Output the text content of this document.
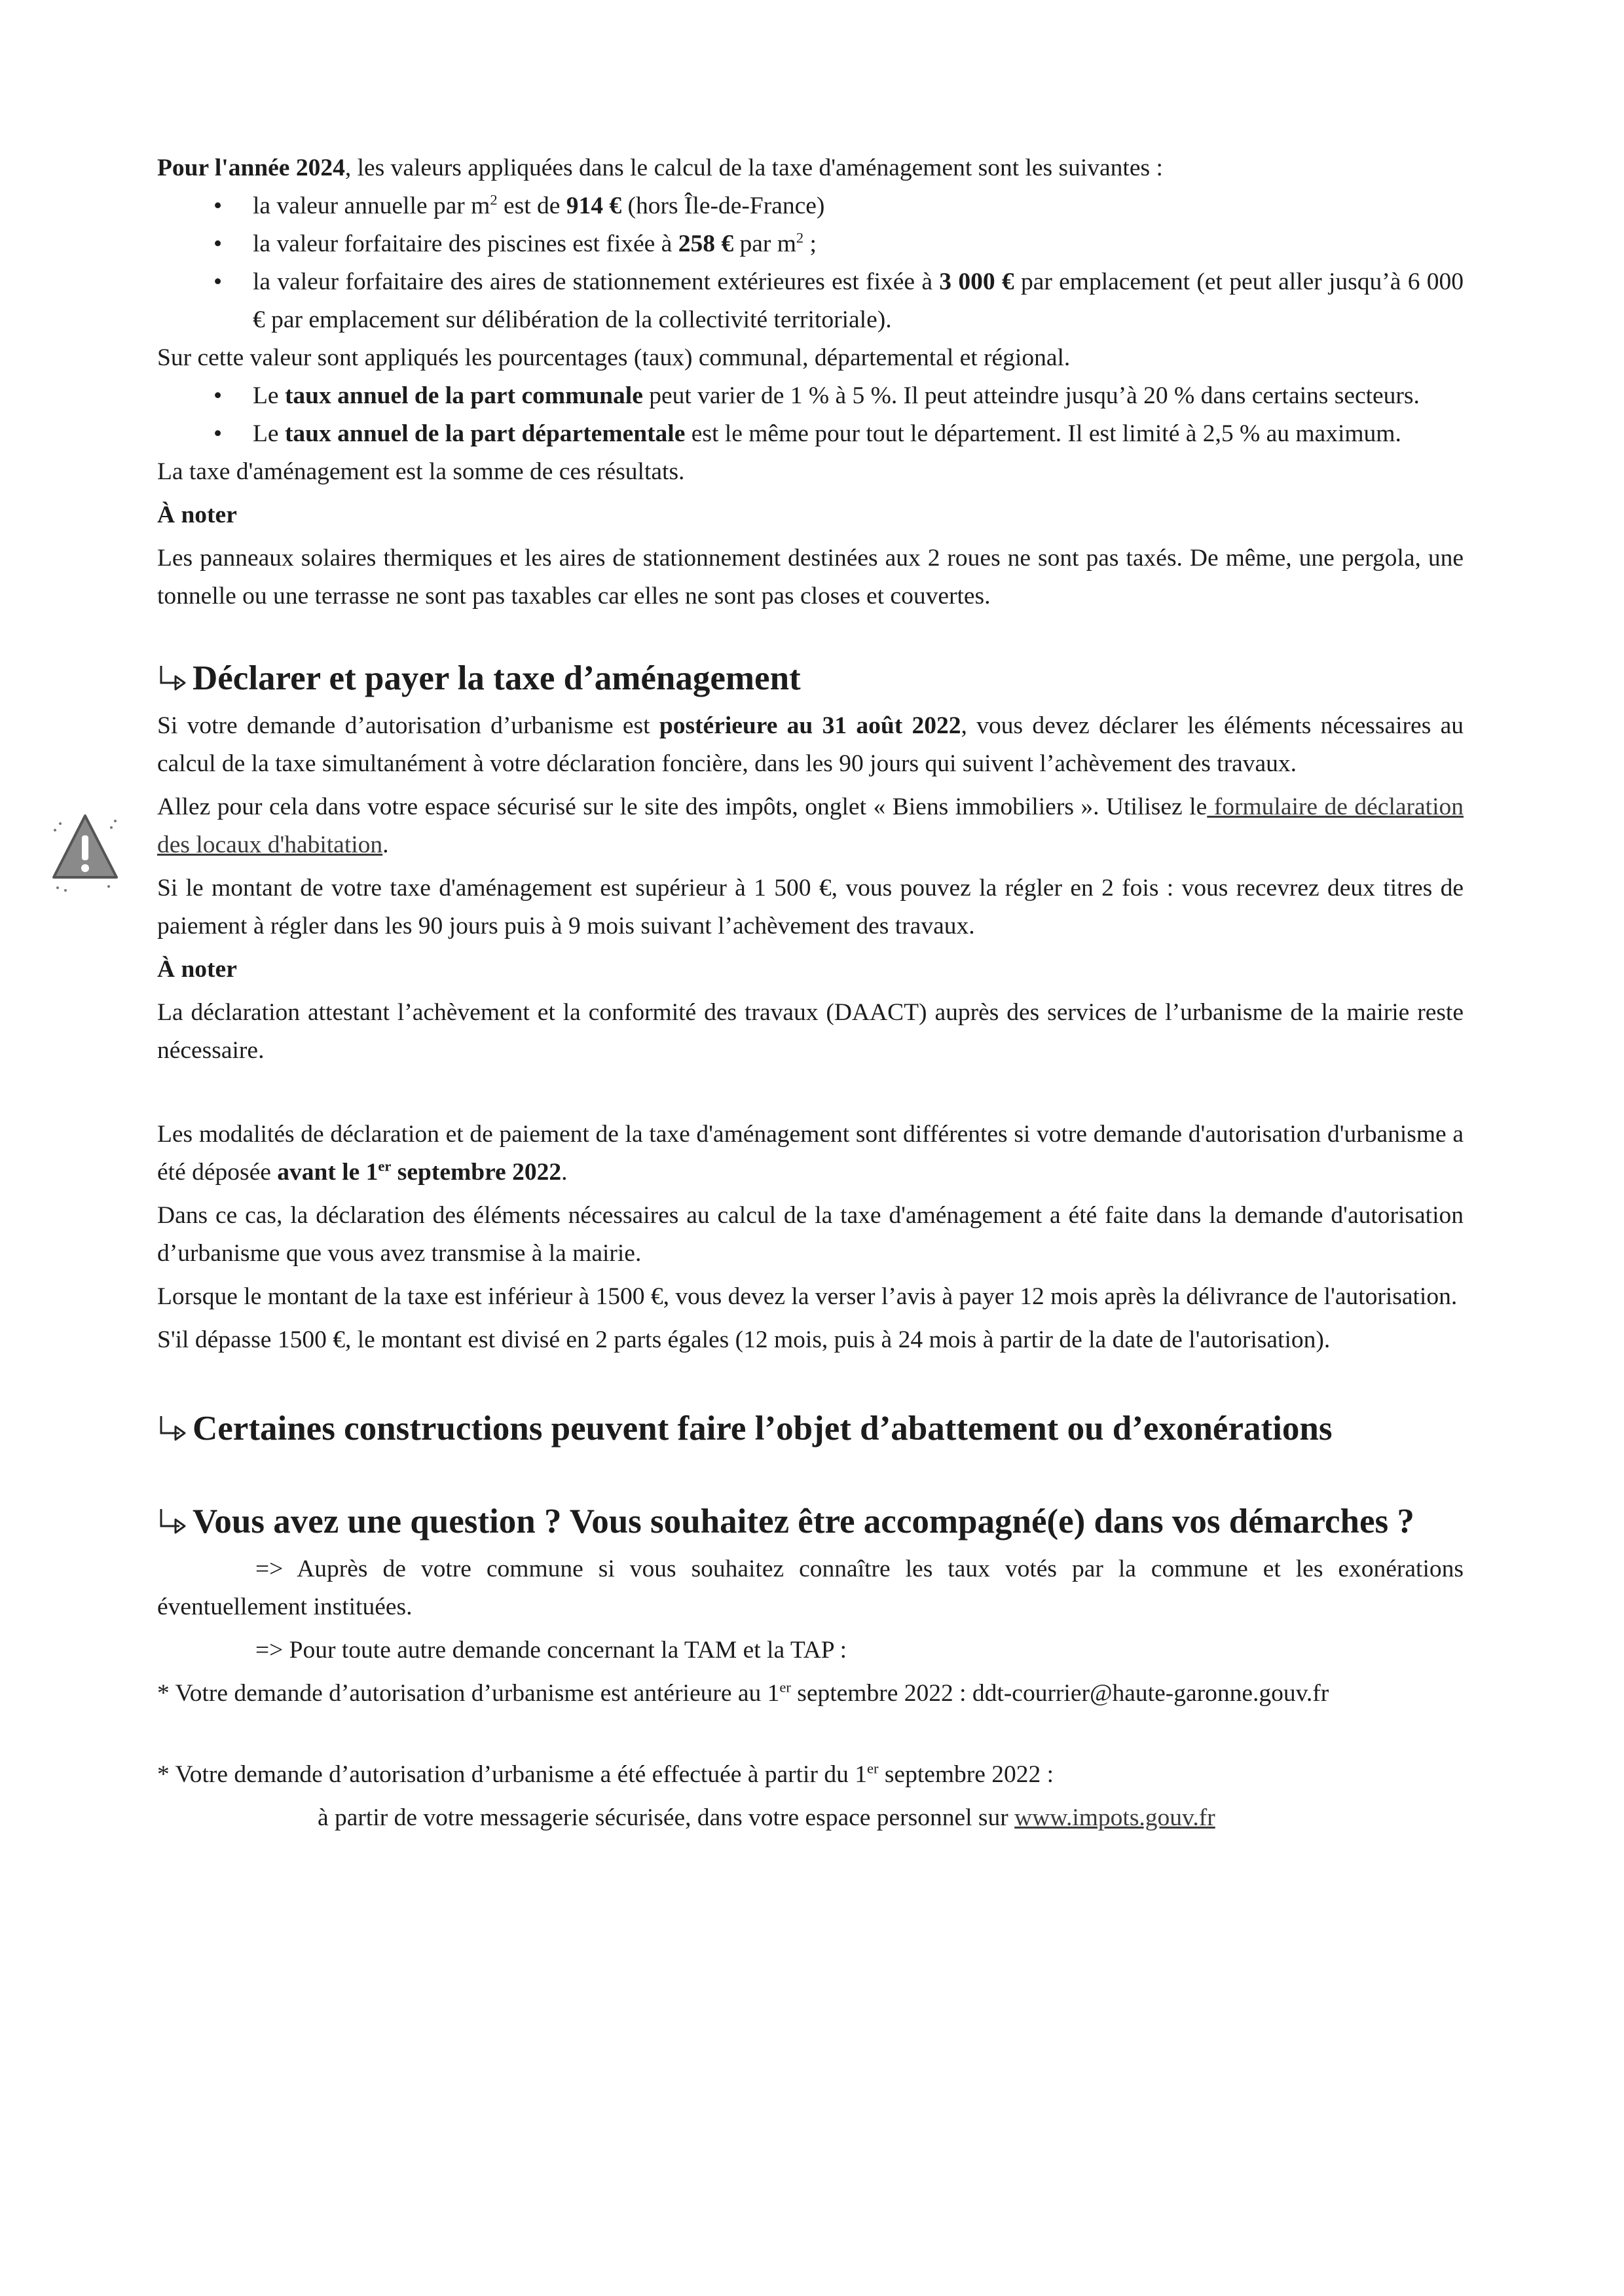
Pour l'année 2024, les valeurs appliquées dans le calcul de la taxe d'aménagement sont les suivantes :

• la valeur annuelle par $m^2$ est de 914 € (hors Île-de-France)
• la valeur forfaitaire des piscines est fixée à 258 € par $m^2$ ;
• la valeur forfaitaire des aires de stationnement extérieures est fixée à 3 000 € par emplacement (et peut aller jusqu’à 6 000 € par emplacement sur délibération de la collectivité territoriale).

Sur cette valeur sont appliqués les pourcentages (taux) communal, départemental et régional.

• Le taux annuel de la part communale peut varier de 1 % à 5 %. Il peut atteindre jusqu’à 20 % dans certains secteurs.
• Le taux annuel de la part départementale est le même pour tout le département. Il est limité à 2,5 % au maximum.

La taxe d'aménagement est la somme de ces résultats.

À noter

Les panneaux solaires thermiques et les aires de stationnement destinées aux 2 roues ne sont pas taxés. De même, une pergola, une tonnelle ou une terrasse ne sont pas taxables car elles ne sont pas closes et couvertes.

Déclarer et payer la taxe d’aménagement

Si votre demande d’autorisation d’urbanisme est postérieure au 31 août 2022, vous devez déclarer les éléments nécessaires au calcul de la taxe simultanément à votre déclaration foncière, dans les 90 jours qui suivent l’achèvement des travaux.

Allez pour cela dans votre espace sécurisé sur le site des impôts, onglet « Biens immobiliers ». Utilisez le formulaire de déclaration des locaux d'habitation.

Si le montant de votre taxe d'aménagement est supérieur à 1 500 €, vous pouvez la régler en 2 fois : vous recevrez deux titres de paiement à régler dans les 90 jours puis à 9 mois suivant l’achèvement des travaux.

À noter

La déclaration attestant l’achèvement et la conformité des travaux (DAACT) auprès des services de l’urbanisme de la mairie reste nécessaire.

Les modalités de déclaration et de paiement de la taxe d'aménagement sont différentes si votre demande d'autorisation d'urbanisme a été déposée avant le 1er septembre 2022.

Dans ce cas, la déclaration des éléments nécessaires au calcul de la taxe d'aménagement a été faite dans la demande d'autorisation d’urbanisme que vous avez transmise à la mairie.

Lorsque le montant de la taxe est inférieur à 1500 €, vous devez la verser l’avis à payer 12 mois après la délivrance de l'autorisation.

S'il dépasse 1500 €, le montant est divisé en 2 parts égales (12 mois, puis à 24 mois à partir de la date de l'autorisation).

Certaines constructions peuvent faire l’objet d’abattement ou d’exonérations
Vous avez une question ? Vous souhaitez être accompagné(e) dans vos démarches ?

=> Auprès de votre commune si vous souhaitez connaître les taux votés par la commune et les exonérations éventuellement instituées.

=> Pour toute autre demande concernant la TAM et la TAP :

* Votre demande d’autorisation d’urbanisme est antérieure au 1er septembre 2022 : ddt-courrier@haute-garonne.gouv.fr

* Votre demande d’autorisation d’urbanisme a été effectuée à partir du 1er septembre 2022 :

à partir de votre messagerie sécurisée, dans votre espace personnel sur www.impots.gouv.fr
